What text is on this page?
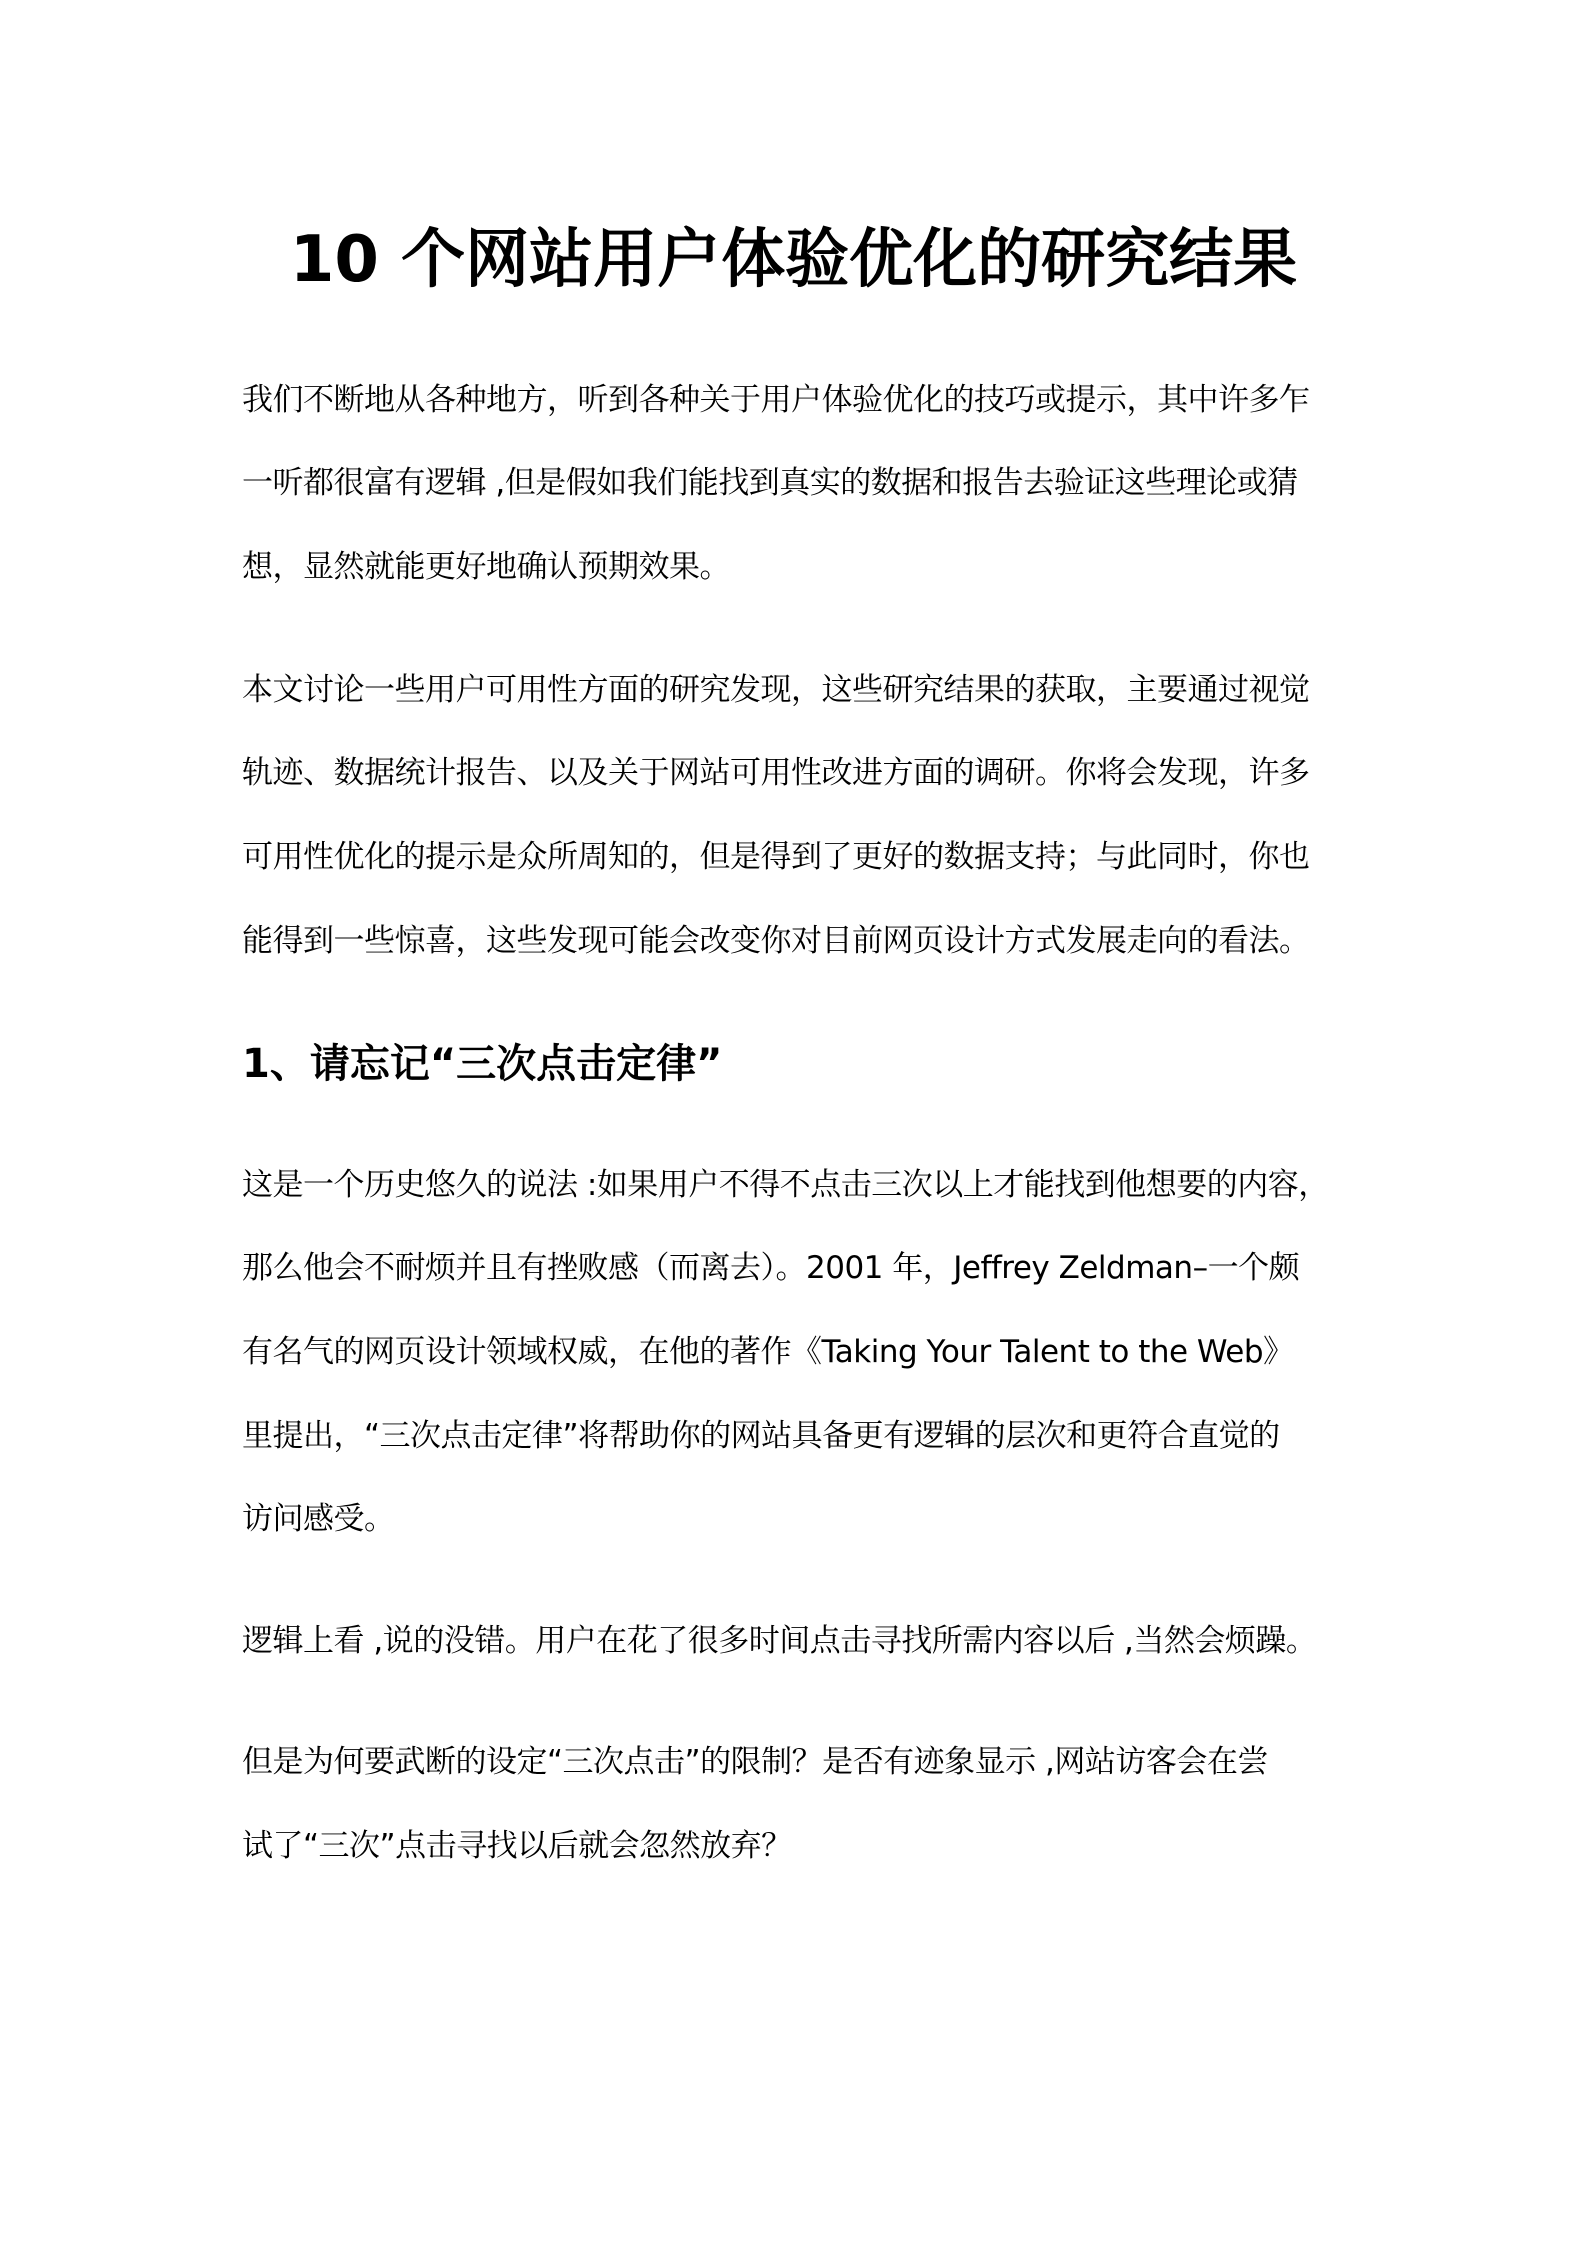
10 个网站用户体验优化的研究结果
我们不断地从各种地方，听到各种关于用户体验优化的技巧或提示，其中许多乍
一听都很富有逻辑 ,但是假如我们能找到真实的数据和报告去验证这些理论或猜
想，显然就能更好地确认预期效果。
本文讨论一些用户可用性方面的研究发现，这些研究结果的获取，主要通过视觉
轨迹、数据统计报告、以及关于网站可用性改进方面的调研。你将会发现，许多
可用性优化的提示是众所周知的，但是得到了更好的数据支持；与此同时，你也
能得到一些惊喜，这些发现可能会改变你对目前网页设计方式发展走向的看法。
1、请忘记“三次点击定律”
这是一个历史悠久的说法 :如果用户不得不点击三次以上才能找到他想要的内容，
那么他会不耐烦并且有挫败感（而离去）。2001 年，Jeffrey Zeldman–一个颇
有名气的网页设计领域权威，在他的著作《Taking Your Talent to the Web》
里提出，“三次点击定律”将帮助你的网站具备更有逻辑的层次和更符合直觉的
访问感受。
逻辑上看 ,说的没错。用户在花了很多时间点击寻找所需内容以后 ,当然会烦躁。
但是为何要武断的设定“三次点击”的限制？是否有迹象显示 ,网站访客会在尝
试了“三次”点击寻找以后就会忽然放弃？
